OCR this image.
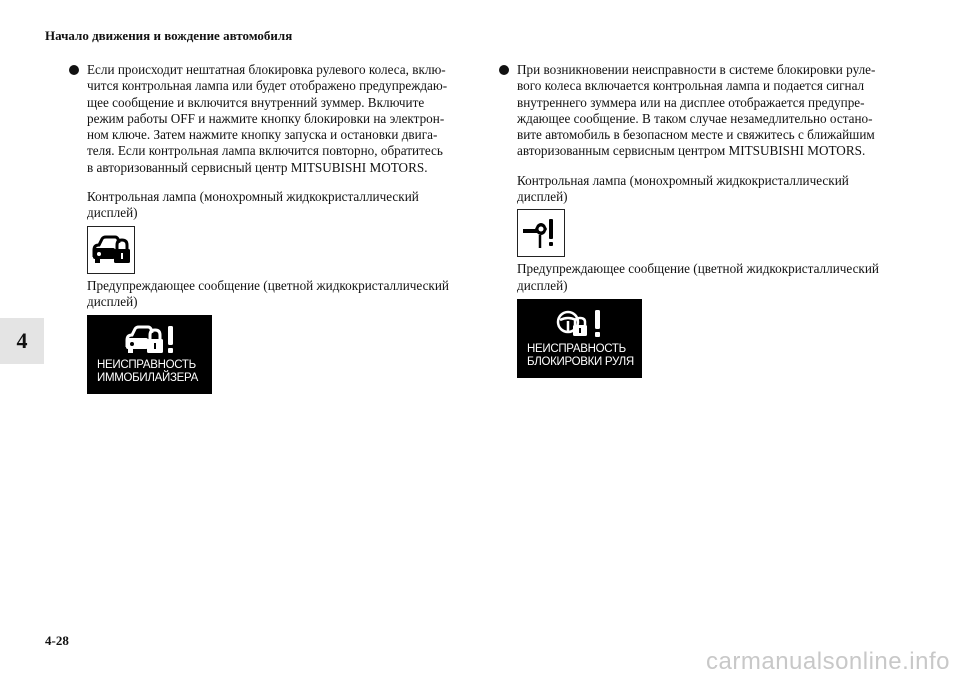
Начало движения и вождение автомобиля
4
Если происходит нештатная блокировка рулевого колеса, вклю-
чится контрольная лампа или будет отображено предупреждаю-
щее сообщение и включится внутренний зуммер. Включите
режим работы OFF и нажмите кнопку блокировки на электрон-
ном ключе. Затем нажмите кнопку запуска и остановки двига-
теля. Если контрольная лампа включится повторно, обратитесь
в авторизованный сервисный центр MITSUBISHI MOTORS.
Контрольная лампа (монохромный жидкокристаллический
дисплей)
Предупреждающее сообщение (цветной жидкокристаллический
дисплей)
НЕИСПРАВНОСТЬ
ИММОБИЛАЙЗЕРА
При возникновении неисправности в системе блокировки руле-
вого колеса включается контрольная лампа и подается сигнал
внутреннего зуммера или на дисплее отображается предупре-
ждающее сообщение. В таком случае незамедлительно остано-
вите автомобиль в безопасном месте и свяжитесь с ближайшим
авторизованным сервисным центром MITSUBISHI MOTORS.
Контрольная лампа (монохромный жидкокристаллический
дисплей)
Предупреждающее сообщение (цветной жидкокристаллический
дисплей)
НЕИСПРАВНОСТЬ
БЛОКИРОВКИ РУЛЯ
4-28
carmanualsonline.info
